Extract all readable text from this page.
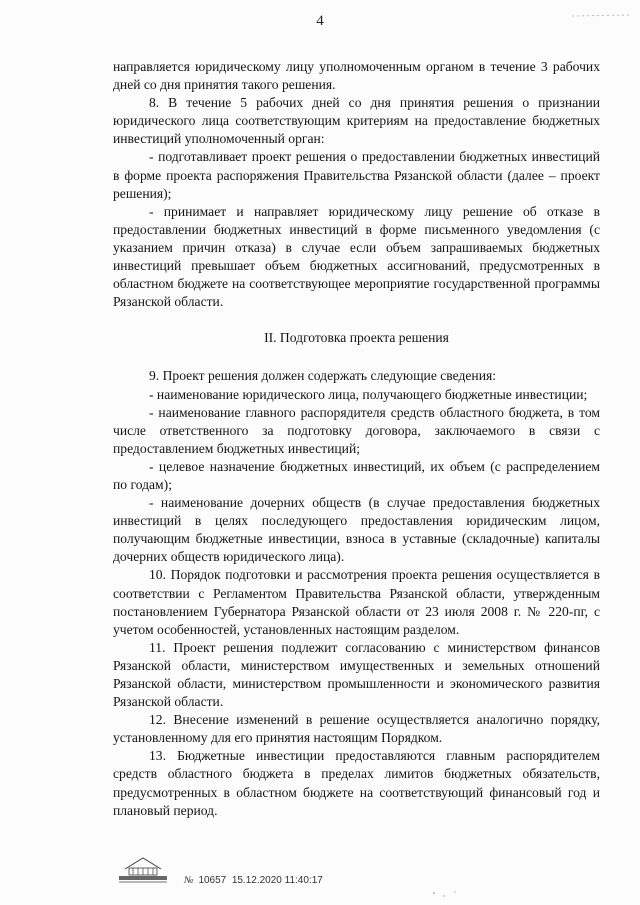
4

направляется юридическому лицу уполномоченным органом в течение 3 рабочих дней со дня принятия такого решения.

8. В течение 5 рабочих дней со дня принятия решения о признании юридического лица соответствующим критериям на предоставление бюджетных инвестиций уполномоченный орган:

- подготавливает проект решения о предоставлении бюджетных инвестиций в форме проекта распоряжения Правительства Рязанской области (далее – проект решения);

- принимает и направляет юридическому лицу решение об отказе в предоставлении бюджетных инвестиций в форме письменного уведомления (с указанием причин отказа) в случае если объем запрашиваемых бюджетных инвестиций превышает объем бюджетных ассигнований, предусмотренных в областном бюджете на соответствующее мероприятие государственной программы Рязанской области.

II. Подготовка проекта решения

9. Проект решения должен содержать следующие сведения:

- наименование юридического лица, получающего бюджетные инвестиции;

- наименование главного распорядителя средств областного бюджета, в том числе ответственного за подготовку договора, заключаемого в связи с предоставлением бюджетных инвестиций;

- целевое назначение бюджетных инвестиций, их объем (с распределением по годам);

- наименование дочерних обществ (в случае предоставления бюджетных инвестиций в целях последующего предоставления юридическим лицом, получающим бюджетные инвестиции, взноса в уставные (складочные) капиталы дочерних обществ юридического лица).

10. Порядок подготовки и рассмотрения проекта решения осуществляется в соответствии с Регламентом Правительства Рязанской области, утвержденным постановлением Губернатора Рязанской области от 23 июля 2008 г. № 220-пг, с учетом особенностей, установленных настоящим разделом.

11. Проект решения подлежит согласованию с министерством финансов Рязанской области, министерством имущественных и земельных отношений Рязанской области, министерством промышленности и экономического развития Рязанской области.

12. Внесение изменений в решение осуществляется аналогично порядку, установленному для его принятия настоящим Порядком.

13. Бюджетные инвестиции предоставляются главным распорядителем средств областного бюджета в пределах лимитов бюджетных обязательств, предусмотренных в областном бюджете на соответствующий финансовый год и плановый период.

№ 10657 15.12.2020 11:40:17
